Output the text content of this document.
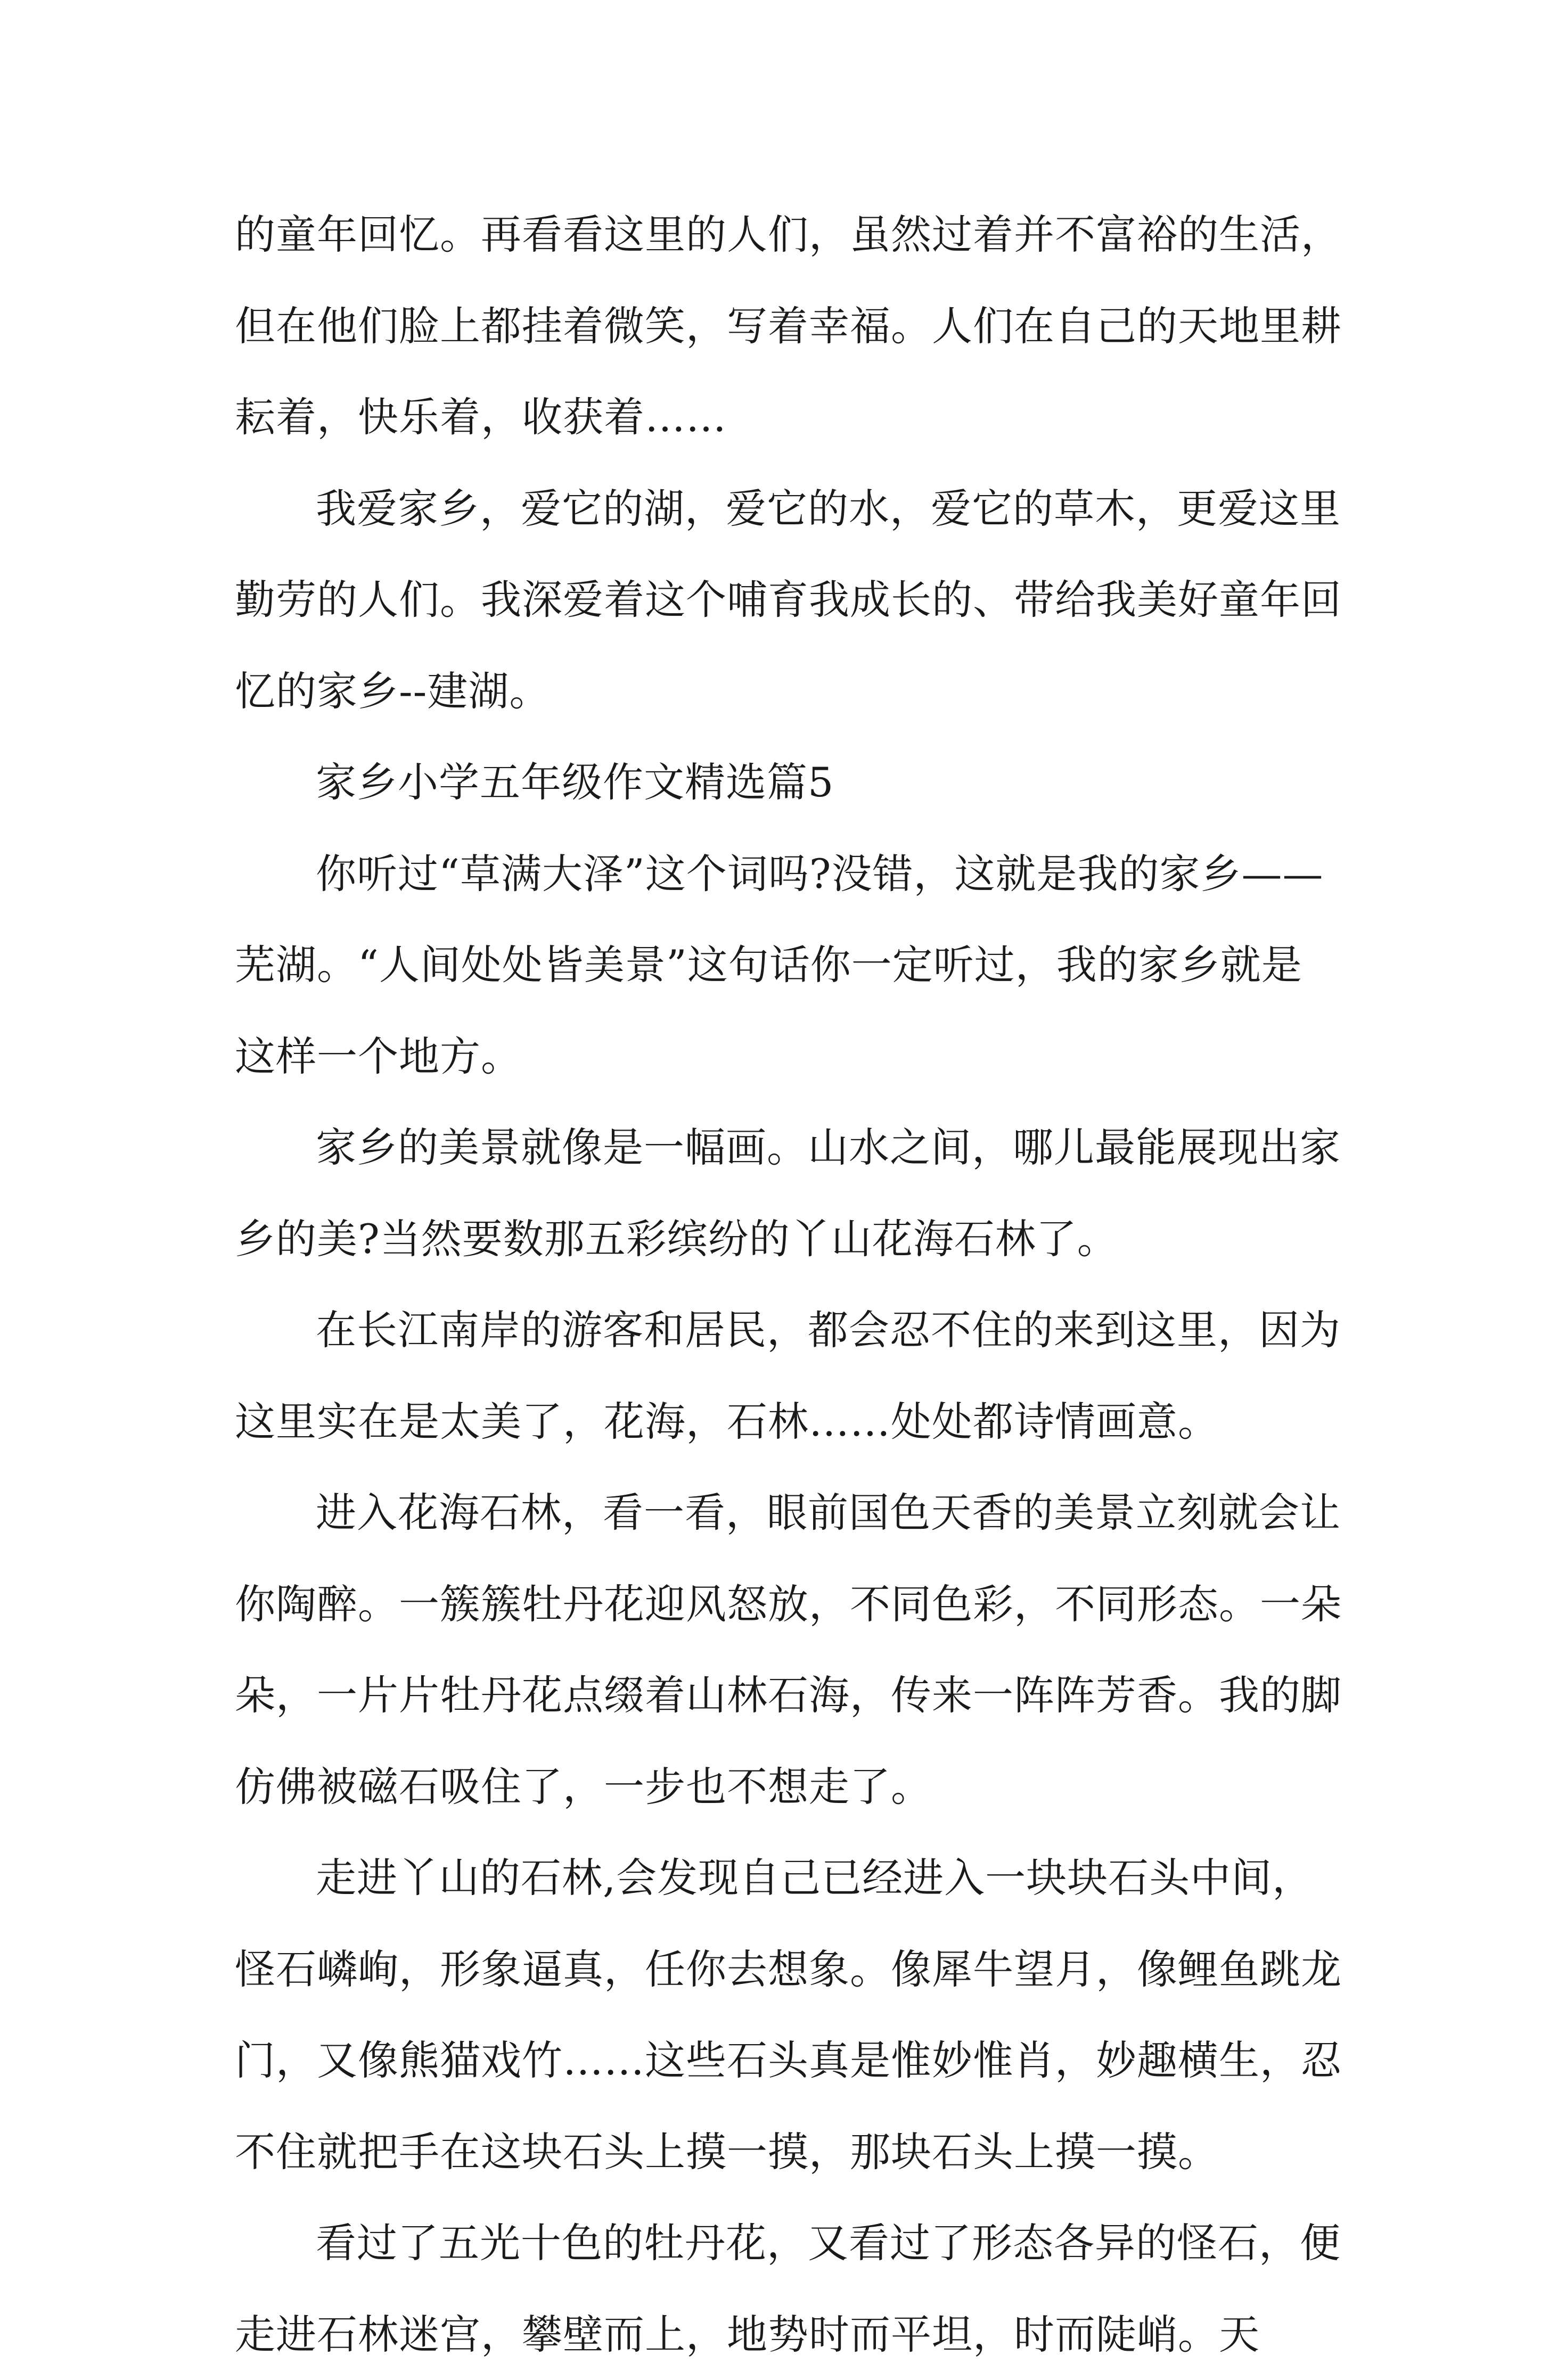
的童年回忆。再看看这里的人们，虽然过着并不富裕的生活，但在他们脸上都挂着微笑，写着幸福。人们在自己的天地里耕耘着，快乐着，收获着……

我爱家乡，爱它的湖，爱它的水，爱它的草木，更爱这里勤劳的人们。我深爱着这个哺育我成长的、带给我美好童年回忆的家乡--建湖。

家乡小学五年级作文精选篇5

你听过“草满大泽”这个词吗?没错，这就是我的家乡——芜湖。“人间处处皆美景”这句话你一定听过，我的家乡就是这样一个地方。

家乡的美景就像是一幅画。山水之间，哪儿最能展现出家乡的美?当然要数那五彩缤纷的丫山花海石林了。

在长江南岸的游客和居民，都会忍不住的来到这里，因为这里实在是太美了，花海，石林……处处都诗情画意。

进入花海石林，看一看，眼前国色天香的美景立刻就会让你陶醉。一簇簇牡丹花迎风怒放，不同色彩，不同形态。一朵朵，一片片牡丹花点缀着山林石海，传来一阵阵芳香。我的脚仿佛被磁石吸住了，一步也不想走了。

走进丫山的石林,会发现自己已经进入一块块石头中间，怪石嶙峋，形象逼真，任你去想象。像犀牛望月，像鲤鱼跳龙门，又像熊猫戏竹……这些石头真是惟妙惟肖，妙趣横生，忍不住就把手在这块石头上摸一摸，那块石头上摸一摸。

看过了五光十色的牡丹花，又看过了形态各异的怪石，便走进石林迷宫，攀壁而上，地势时而平坦，时而陡峭。天
